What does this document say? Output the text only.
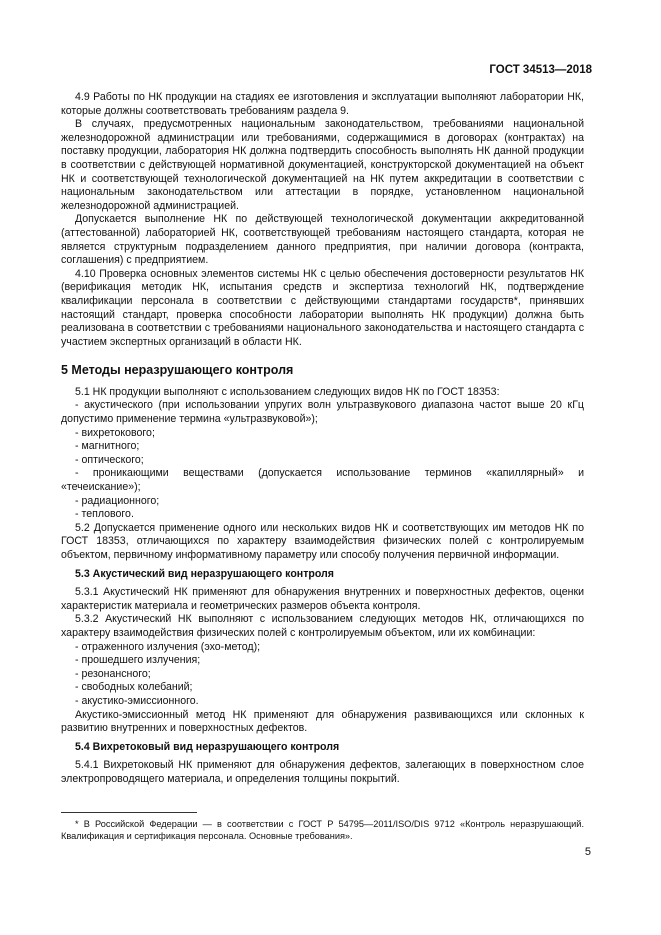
ГОСТ 34513—2018

4.9 Работы по НК продукции на стадиях ее изготовления и эксплуатации выполняют лаборатории НК, которые должны соответствовать требованиям раздела 9.

В случаях, предусмотренных национальным законодательством, требованиями национальной железнодорожной администрации или требованиями, содержащимися в договорах (контрактах) на поставку продукции, лаборатория НК должна подтвердить способность выполнять НК данной продукции в соответствии с действующей нормативной документацией, конструкторской документацией на объект НК и соответствующей технологической документацией на НК путем аккредитации в соответствии с национальным законодательством или аттестации в порядке, установленном национальной железнодорожной администрацией.

Допускается выполнение НК по действующей технологической документации аккредитованной (аттестованной) лабораторией НК, соответствующей требованиям настоящего стандарта, которая не является структурным подразделением данного предприятия, при наличии договора (контракта, соглашения) с предприятием.

4.10 Проверка основных элементов системы НК с целью обеспечения достоверности результатов НК (верификация методик НК, испытания средств и экспертиза технологий НК, подтверждение квалификации персонала в соответствии с действующими стандартами государств*, принявших настоящий стандарт, проверка способности лаборатории выполнять НК продукции) должна быть реализована в соответствии с требованиями национального законодательства и настоящего стандарта с участием экспертных организаций в области НК.

5 Методы неразрушающего контроля

5.1 НК продукции выполняют с использованием следующих видов НК по ГОСТ 18353:

- акустического (при использовании упругих волн ультразвукового диапазона частот выше 20 кГц допустимо применение термина «ультразвуковой»);

- вихретокового;

- магнитного;

- оптического;

- проникающими веществами (допускается использование терминов «капиллярный» и «течеискание»);

- радиационного;

- теплового.

5.2 Допускается применение одного или нескольких видов НК и соответствующих им методов НК по ГОСТ 18353, отличающихся по характеру взаимодействия физических полей с контролируемым объектом, первичному информативному параметру или способу получения первичной информации.

5.3 Акустический вид неразрушающего контроля

5.3.1 Акустический НК применяют для обнаружения внутренних и поверхностных дефектов, оценки характеристик материала и геометрических размеров объекта контроля.

5.3.2 Акустический НК выполняют с использованием следующих методов НК, отличающихся по характеру взаимодействия физических полей с контролируемым объектом, или их комбинации:

- отраженного излучения (эхо-метод);

- прошедшего излучения;

- резонансного;

- свободных колебаний;

- акустико-эмиссионного.

Акустико-эмиссионный метод НК применяют для обнаружения развивающихся или склонных к развитию внутренних и поверхностных дефектов.

5.4 Вихретоковый вид неразрушающего контроля

5.4.1 Вихретоковый НК применяют для обнаружения дефектов, залегающих в поверхностном слое электропроводящего материала, и определения толщины покрытий.

* В Российской Федерации — в соответствии с ГОСТ Р 54795—2011/ISO/DIS 9712 «Контроль неразрушающий. Квалификация и сертификация персонала. Основные требования».
5
